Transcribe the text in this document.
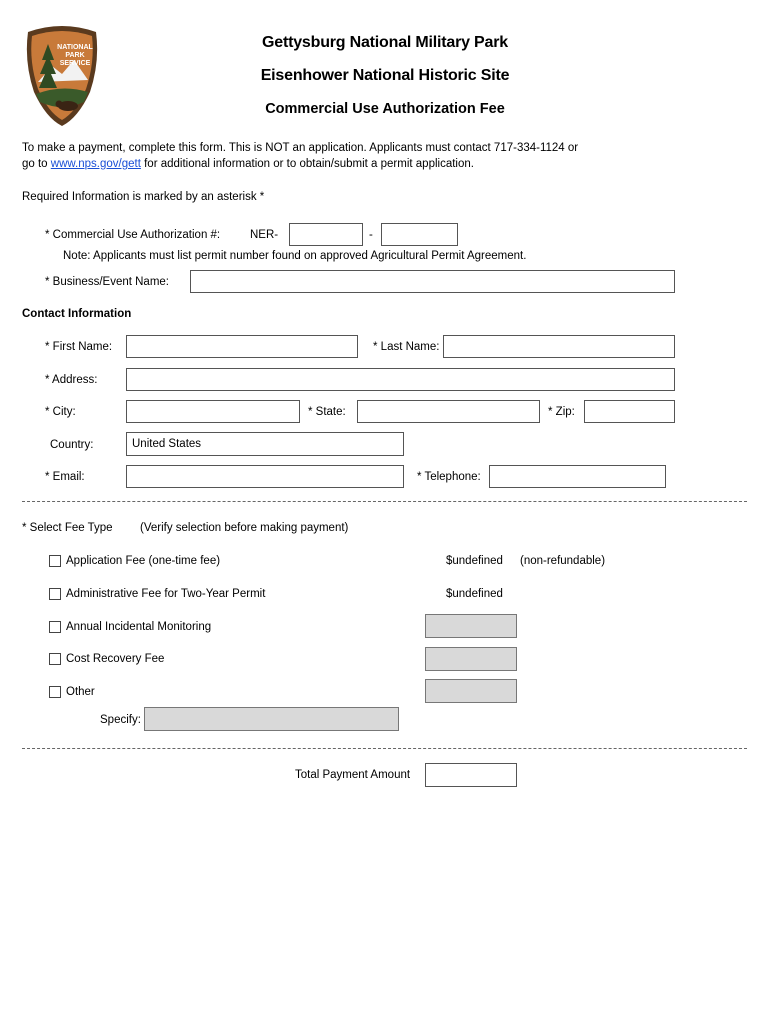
NATIONAL
PARK
SERVICE
Gettysburg National Military Park
Eisenhower National Historic Site
Commercial Use Authorization Fee
To make a payment, complete this form. This is NOT an application. Applicants must contact 717-334-1124 or
go to www.nps.gov/gett for additional information or to obtain/submit a permit application.
Required Information is marked by an asterisk *
* Commercial Use Authorization #:	NER-	-
Note: Applicants must list permit number found on approved Agricultural Permit Agreement.
* Business/Event Name:
Contact Information
* First Name:	* Last Name:
* Address:
* City:	* State:	* Zip:
Country:	United States
* Email:	* Telephone:
* Select Fee Type (Verify selection before making payment)
Application Fee (one-time fee)	$undefined (non-refundable)
Administrative Fee for Two-Year Permit	$undefined
Annual Incidental Monitoring
Cost Recovery Fee
Other
Specify:
Total Payment Amount
